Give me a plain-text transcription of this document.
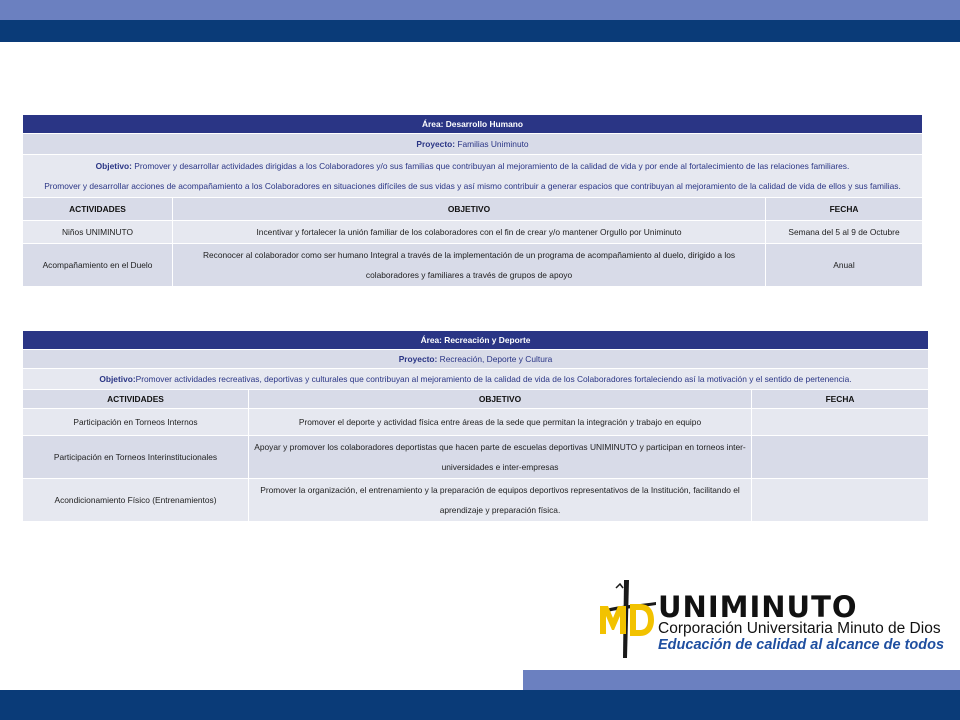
Área: Desarrollo Humano		
Proyecto: Familias Uniminuto		
Objetivo: Promover y desarrollar actividades dirigidas a los Colaboradores y/o sus familias que contribuyan al mejoramiento de la calidad de vida y por ende al fortalecimiento de las relaciones familiares.
Promover y desarrollar acciones de acompañamiento a los Colaboradores en situaciones difíciles de sus vidas y así mismo contribuir a generar espacios que contribuyan al mejoramiento de la calidad de vida de ellos y sus familias.		
ACTIVIDADES	OBJETIVO	FECHA
Niños UNIMINUTO	Incentivar y fortalecer la unión familiar de los colaboradores con el fin de crear y/o mantener Orgullo por Uniminuto	Semana del 5 al 9 de Octubre
Acompañamiento en el Duelo	Reconocer al colaborador como ser humano Integral a través de la implementación de un programa de acompañamiento al duelo, dirigido a los colaboradores y familiares a través de grupos de apoyo	Anual
Área: Recreación y Deporte		
Proyecto: Recreación, Deporte y Cultura		
Objetivo:Promover actividades recreativas, deportivas y culturales que contribuyan al mejoramiento de la calidad de vida de los Colaboradores fortaleciendo así la motivación y el sentido de pertenencia.		
ACTIVIDADES	OBJETIVO	FECHA
Participación en Torneos Internos	Promover el deporte y actividad física entre áreas de la sede que permitan la integración y trabajo en equipo	
Participación en Torneos Interinstitucionales	Apoyar y promover los colaboradores deportistas que hacen parte de escuelas deportivas UNIMINUTO y participan en torneos inter-universidades e inter-empresas	
Acondicionamiento Físico (Entrenamientos)	Promover la organización, el entrenamiento y la preparación de equipos deportivos representativos de la Institución, facilitando el aprendizaje y preparación física.	
UNIMINUTO
Corporación Universitaria Minuto de Dios
Educación de calidad al alcance de todos
